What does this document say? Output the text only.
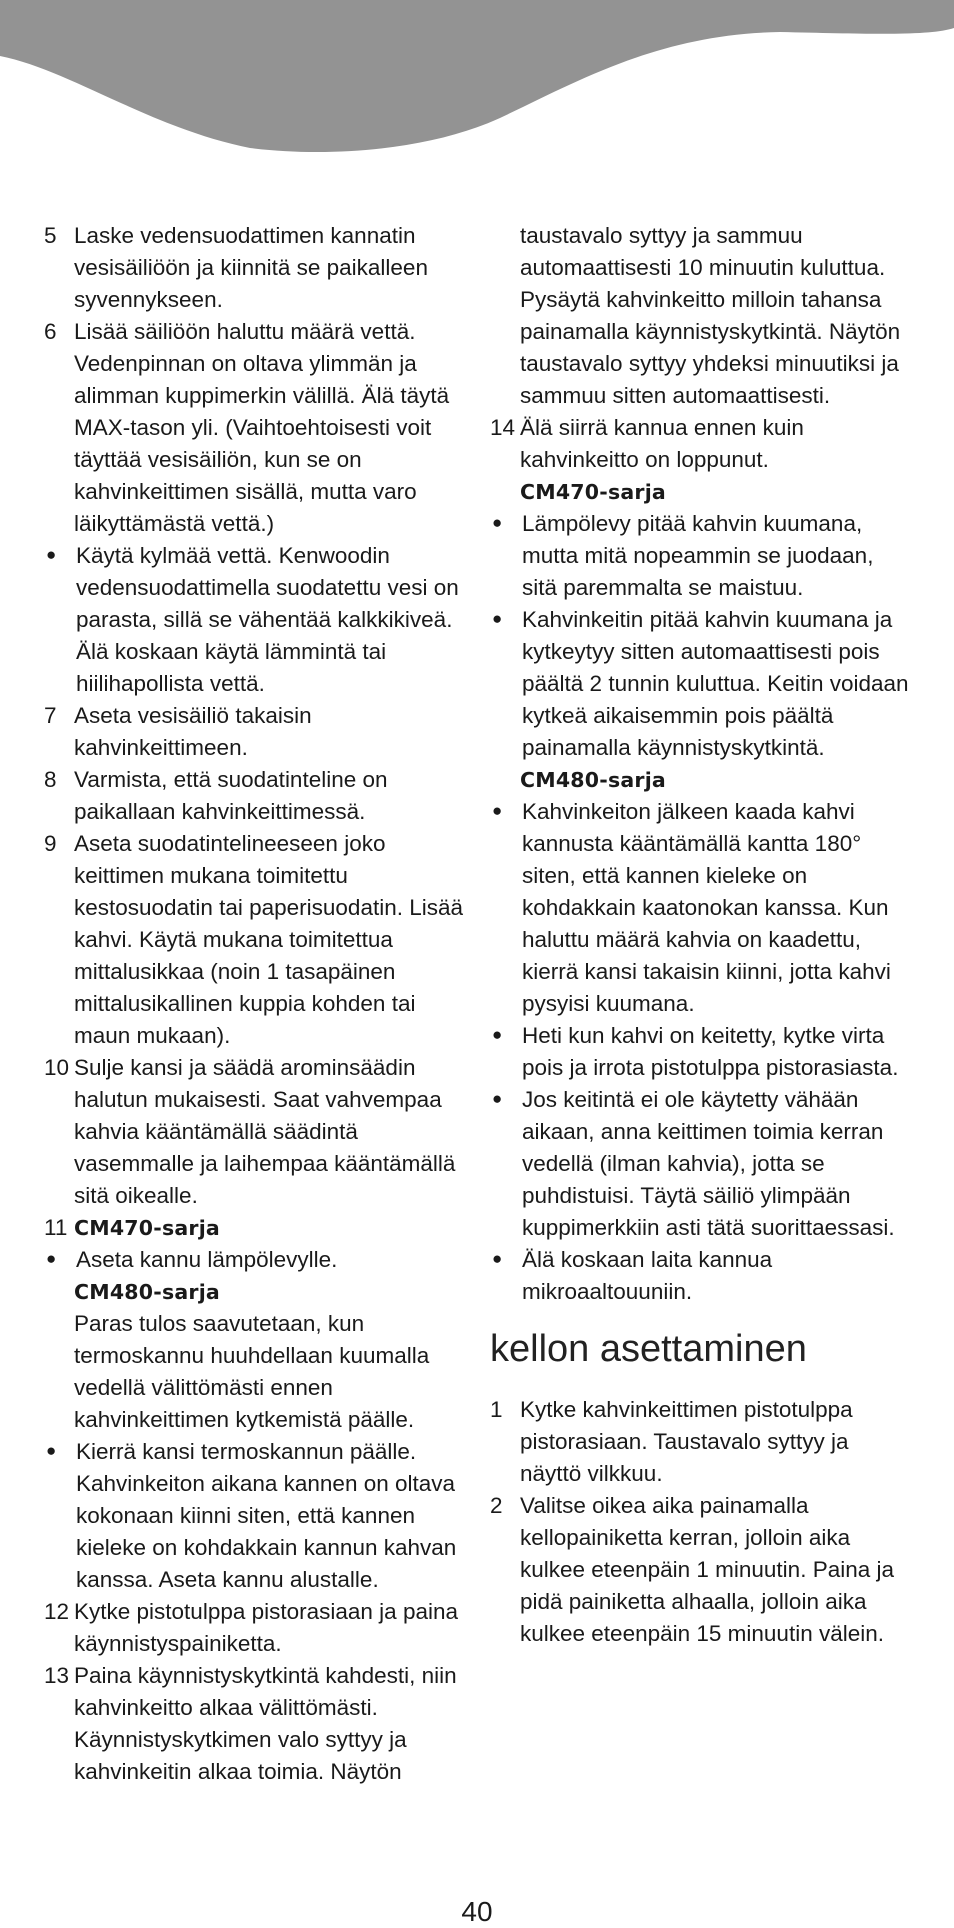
5 Laske vedensuodattimen kannatin vesisäiliöön ja kiinnitä se paikalleen syvennykseen.
6 Lisää säiliöön haluttu määrä vettä. Vedenpinnan on oltava ylimmän ja alimman kuppimerkin välillä. Älä täytä MAX-tason yli. (Vaihtoehtoisesti voit täyttää vesisäiliön, kun se on kahvinkeittimen sisällä, mutta varo läikyttämästä vettä.)
● Käytä kylmää vettä. Kenwoodin vedensuodattimella suodatettu vesi on parasta, sillä se vähentää kalkkikiveä. Älä koskaan käytä lämmintä tai hiilihapollista vettä.
7 Aseta vesisäiliö takaisin kahvinkeittimeen.
8 Varmista, että suodatinteline on paikallaan kahvinkeittimessä.
9 Aseta suodatintelineeseen joko keittimen mukana toimitettu kestosuodatin tai paperisuodatin. Lisää kahvi. Käytä mukana toimitettua mittalusikkaa (noin 1 tasapäinen mittalusikallinen kuppia kohden tai maun mukaan).
10 Sulje kansi ja säädä arominsäädin halutun mukaisesti. Saat vahvempaa kahvia kääntämällä säädintä vasemmalle ja laihempaa kääntämällä sitä oikealle.
11 CM470-sarja
● Aseta kannu lämpölevylle.
CM480-sarja
Paras tulos saavutetaan, kun termoskannu huuhdellaan kuumalla vedellä välittömästi ennen kahvinkeittimen kytkemistä päälle.
● Kierrä kansi termoskannun päälle. Kahvinkeiton aikana kannen on oltava kokonaan kiinni siten, että kannen kieleke on kohdakkain kannun kahvan kanssa. Aseta kannu alustalle.
12 Kytke pistotulppa pistorasiaan ja paina käynnistyspainiketta.
13 Paina käynnistyskytkintä kahdesti, niin kahvinkeitto alkaa välittömästi. Käynnistyskytkimen valo syttyy ja kahvinkeitin alkaa toimia. Näytön
taustavalo syttyy ja sammuu automaattisesti 10 minuutin kuluttua. Pysäytä kahvinkeitto milloin tahansa painamalla käynnistyskytkintä. Näytön taustavalo syttyy yhdeksi minuutiksi ja sammuu sitten automaattisesti.
14 Älä siirrä kannua ennen kuin kahvinkeitto on loppunut.
CM470-sarja
● Lämpölevy pitää kahvin kuumana, mutta mitä nopeammin se juodaan, sitä paremmalta se maistuu.
● Kahvinkeitin pitää kahvin kuumana ja kytkeytyy sitten automaattisesti pois päältä 2 tunnin kuluttua. Keitin voidaan kytkeä aikaisemmin pois päältä painamalla käynnistyskytkintä.
CM480-sarja
● Kahvinkeiton jälkeen kaada kahvi kannusta kääntämällä kantta 180° siten, että kannen kieleke on kohdakkain kaatonokan kanssa. Kun haluttu määrä kahvia on kaadettu, kierrä kansi takaisin kiinni, jotta kahvi pysyisi kuumana.
● Heti kun kahvi on keitetty, kytke virta pois ja irrota pistotulppa pistorasiasta.
● Jos keitintä ei ole käytetty vähään aikaan, anna keittimen toimia kerran vedellä (ilman kahvia), jotta se puhdistuisi. Täytä säiliö ylimpään kuppimerkkiin asti tätä suorittaessasi.
● Älä koskaan laita kannua mikroaaltouuniin.
kellon asettaminen
1 Kytke kahvinkeittimen pistotulppa pistorasiaan. Taustavalo syttyy ja näyttö vilkkuu.
2 Valitse oikea aika painamalla kellopainiketta kerran, jolloin aika kulkee eteenpäin 1 minuutin. Paina ja pidä painiketta alhaalla, jolloin aika kulkee eteenpäin 15 minuutin välein.
40
